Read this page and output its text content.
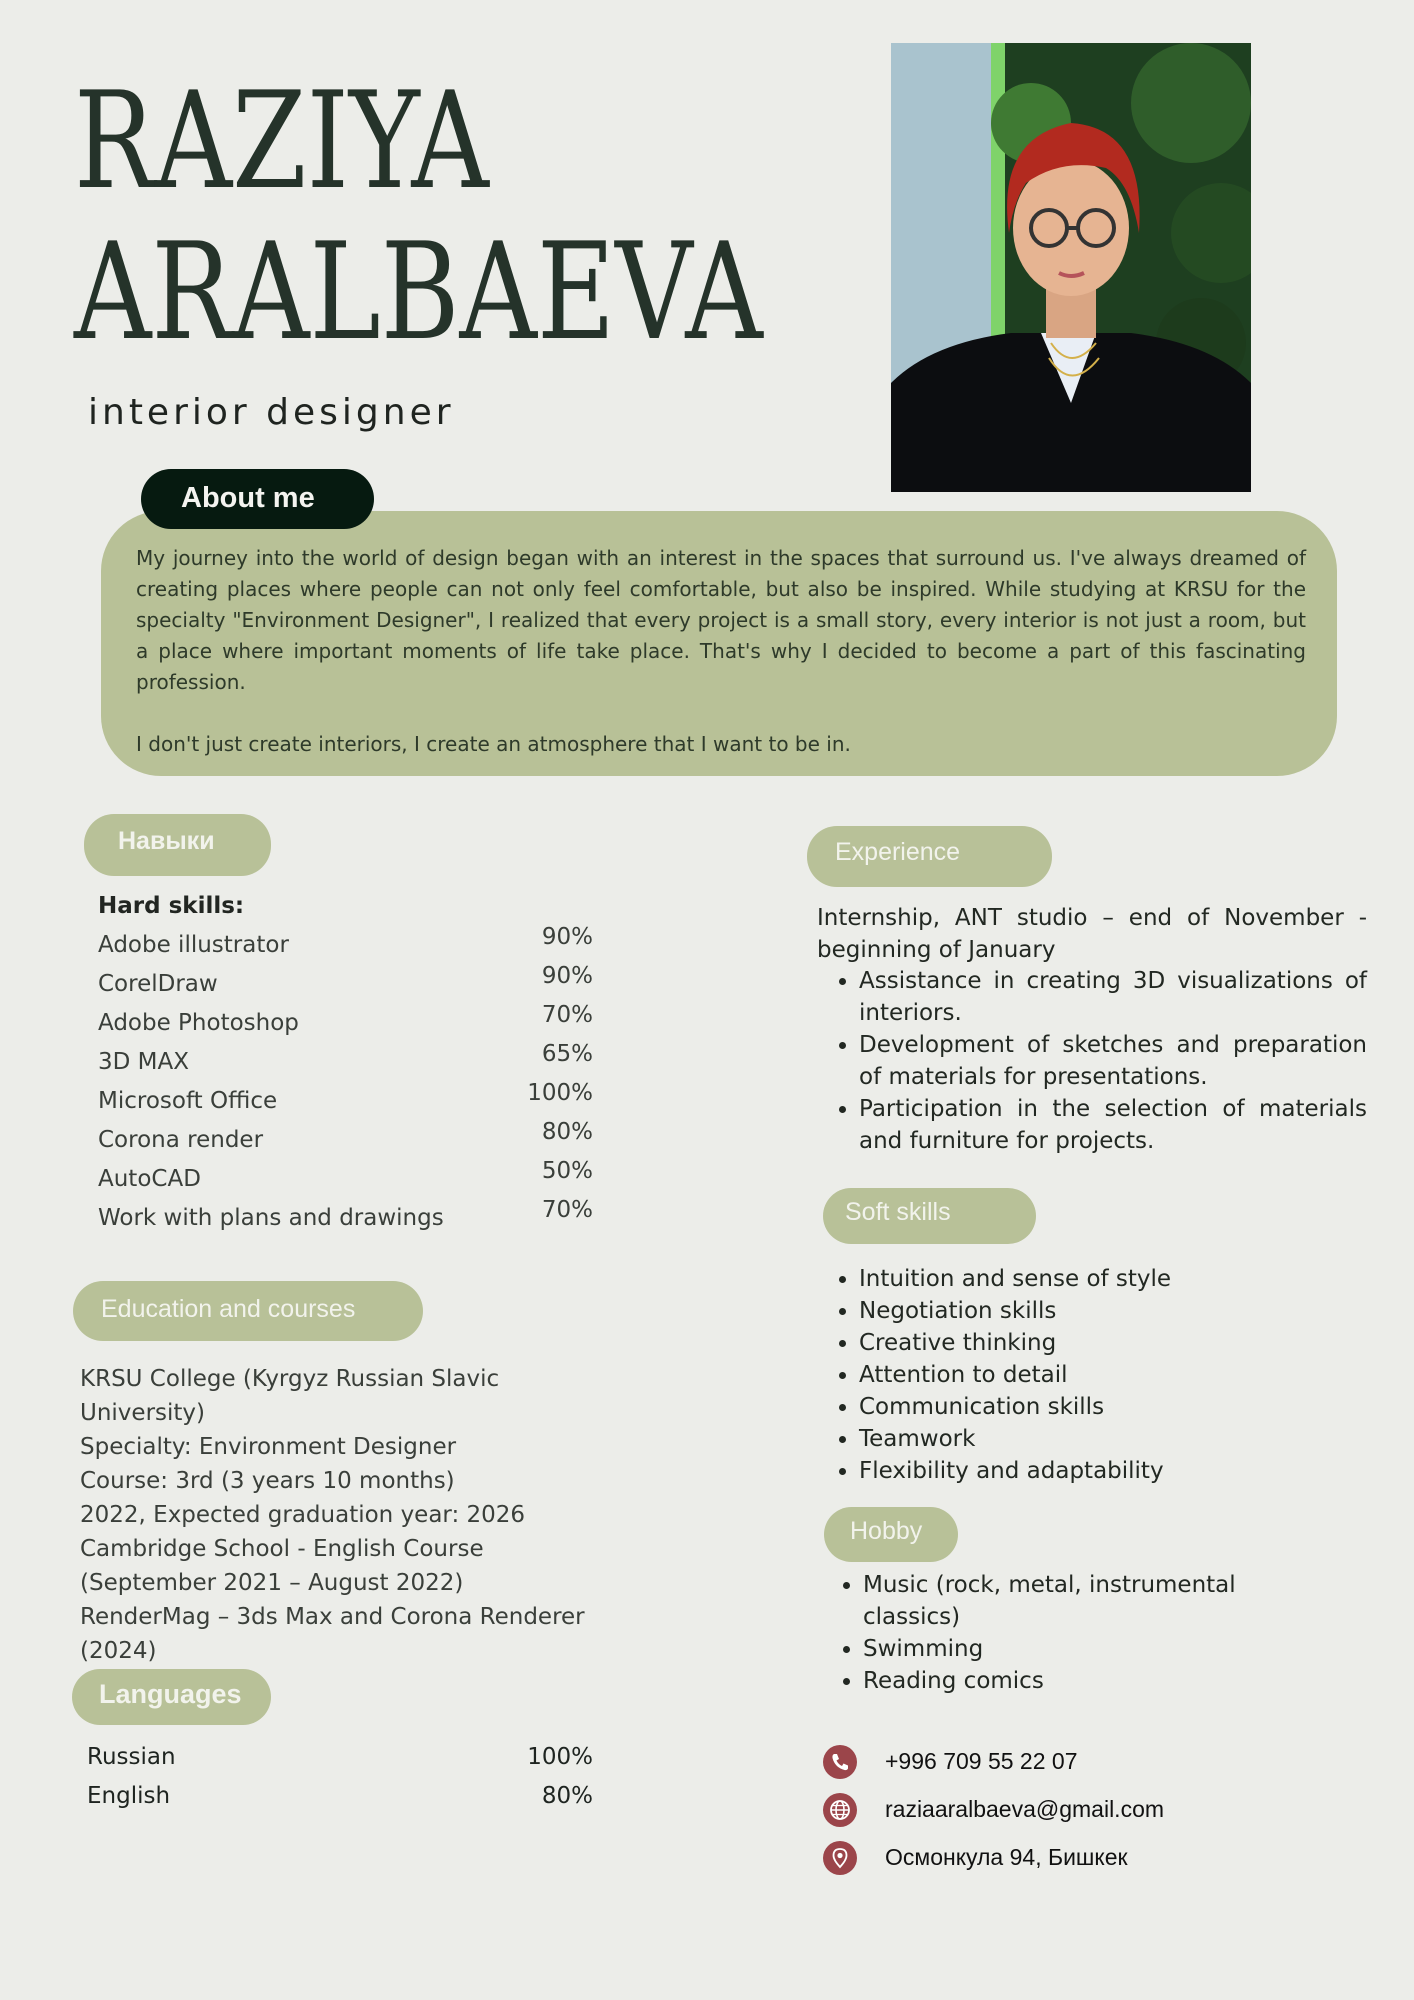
RAZIYA
ARALBAEVA
interior designer
About me

My journey into the world of design began with an interest in the spaces that surround us. I've always dreamed of creating places where people can not only feel comfortable, but also be inspired. While studying at KRSU for the specialty "Environment Designer", I realized that every project is a small story, every interior is not just a room, but a place where important moments of life take place. That's why I decided to become a part of this fascinating profession.

I don't just create interiors, I create an atmosphere that I want to be in.

Навыки
Hard skills:
Adobe illustrator	90%
CorelDraw	90%
Adobe Photoshop	70%
3D MAX	65%
Microsoft Office	100%
Corona render	80%
AutoCAD	50%
Work with plans and drawings	70%
Education and courses
KRSU College (Kyrgyz Russian Slavic
University)
Specialty: Environment Designer
Course: 3rd (3 years 10 months)
2022, Expected graduation year: 2026
Cambridge School - English Course
(September 2021 – August 2022)
RenderMag – 3ds Max and Corona Renderer
(2024)
Languages
Russian	100%
English	80%
Experience
Internship, ANT studio – end of November - beginning of January
• Assistance in creating 3D visualizations of interiors.
• Development of sketches and preparation of materials for presentations.
• Participation in the selection of materials and furniture for projects.
Soft skills
• Intuition and sense of style
• Negotiation skills
• Creative thinking
• Attention to detail
• Communication skills
• Teamwork
• Flexibility and adaptability
Hobby
• Music (rock, metal, instrumental classics)
• Swimming
• Reading comics
+996 709 55 22 07
raziaaralbaeva@gmail.com
Осмонкула 94, Бишкек
